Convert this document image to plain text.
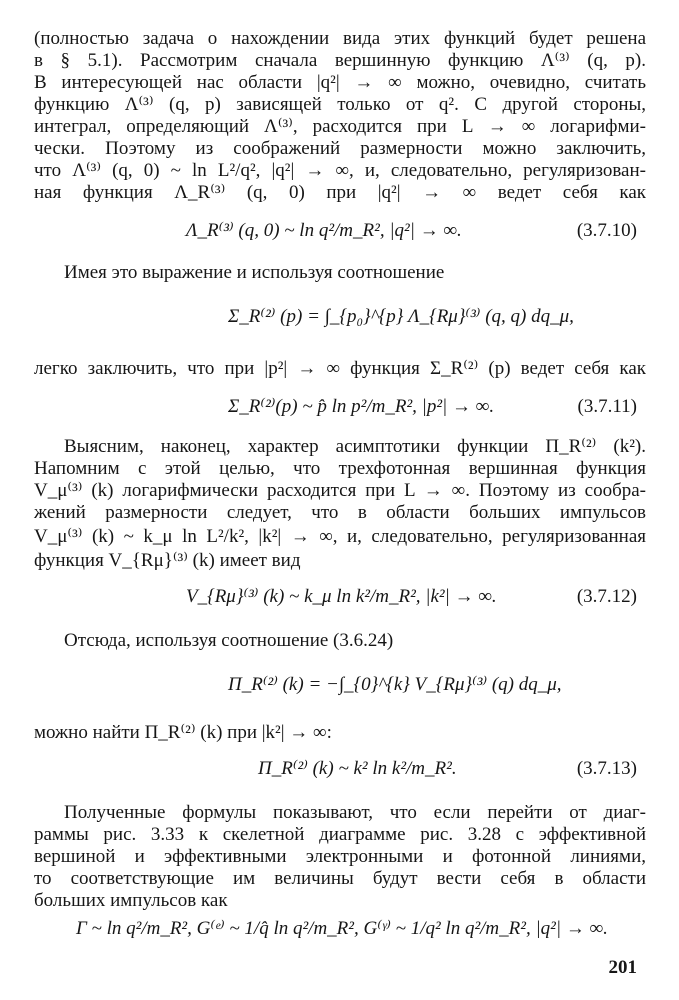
(полностью задача о нахождении вида этих функций будет решена
в § 5.1). Рассмотрим сначала вершинную функцию Λ⁽³⁾ (q, p).
В интересующей нас области |q²| → ∞ можно, очевидно, считать
функцию Λ⁽³⁾ (q, p) зависящей только от q². С другой стороны,
интеграл, определяющий Λ⁽³⁾, расходится при L → ∞ логарифми-
чески. Поэтому из соображений размерности можно заключить,
что Λ⁽³⁾ (q, 0) ~ ln L²/q², |q²| → ∞, и, следовательно, регуляризован-
ная функция Λ_R⁽³⁾ (q, 0) при |q²| → ∞ ведет себя как
Λ_R⁽³⁾ (q, 0) ~ ln q²/m_R², |q²| → ∞.	(3.7.10)
Имея это выражение и используя соотношение
Σ_R⁽²⁾ (p) = ∫_{p₀}^{p} Λ_{Rμ}⁽³⁾ (q, q) dq_μ,
легко заключить, что при |p²| → ∞ функция Σ_R⁽²⁾ (p) ведет себя как
Σ_R⁽²⁾(p) ~ p̂ ln p²/m_R², |p²| → ∞.	(3.7.11)
Выясним, наконец, характер асимптотики функции Π_R⁽²⁾ (k²).
Напомним с этой целью, что трехфотонная вершинная функция
V_μ⁽³⁾ (k) логарифмически расходится при L → ∞. Поэтому из сообра-
жений размерности следует, что в области больших импульсов
V_μ⁽³⁾ (k) ~ k_μ ln L²/k², |k²| → ∞, и, следовательно, регуляризованная
функция V_{Rμ}⁽³⁾ (k) имеет вид
V_{Rμ}⁽³⁾ (k) ~ k_μ ln k²/m_R², |k²| → ∞.	(3.7.12)
Отсюда, используя соотношение (3.6.24)
Π_R⁽²⁾ (k) = −∫_{0}^{k} V_{Rμ}⁽³⁾ (q) dq_μ,
можно найти Π_R⁽²⁾ (k) при |k²| → ∞:
Π_R⁽²⁾ (k) ~ k² ln k²/m_R².	(3.7.13)
Полученные формулы показывают, что если перейти от диаг-
раммы рис. 3.33 к скелетной диаграмме рис. 3.28 с эффективной
вершиной и эффективными электронными и фотонной линиями,
то соответствующие им величины будут вести себя в области
больших импульсов как
Γ ~ ln q²/m_R², G⁽ᵉ⁾ ~ 1/q̂ ln q²/m_R², G⁽ᵞ⁾ ~ 1/q² ln q²/m_R², |q²| → ∞.
201
